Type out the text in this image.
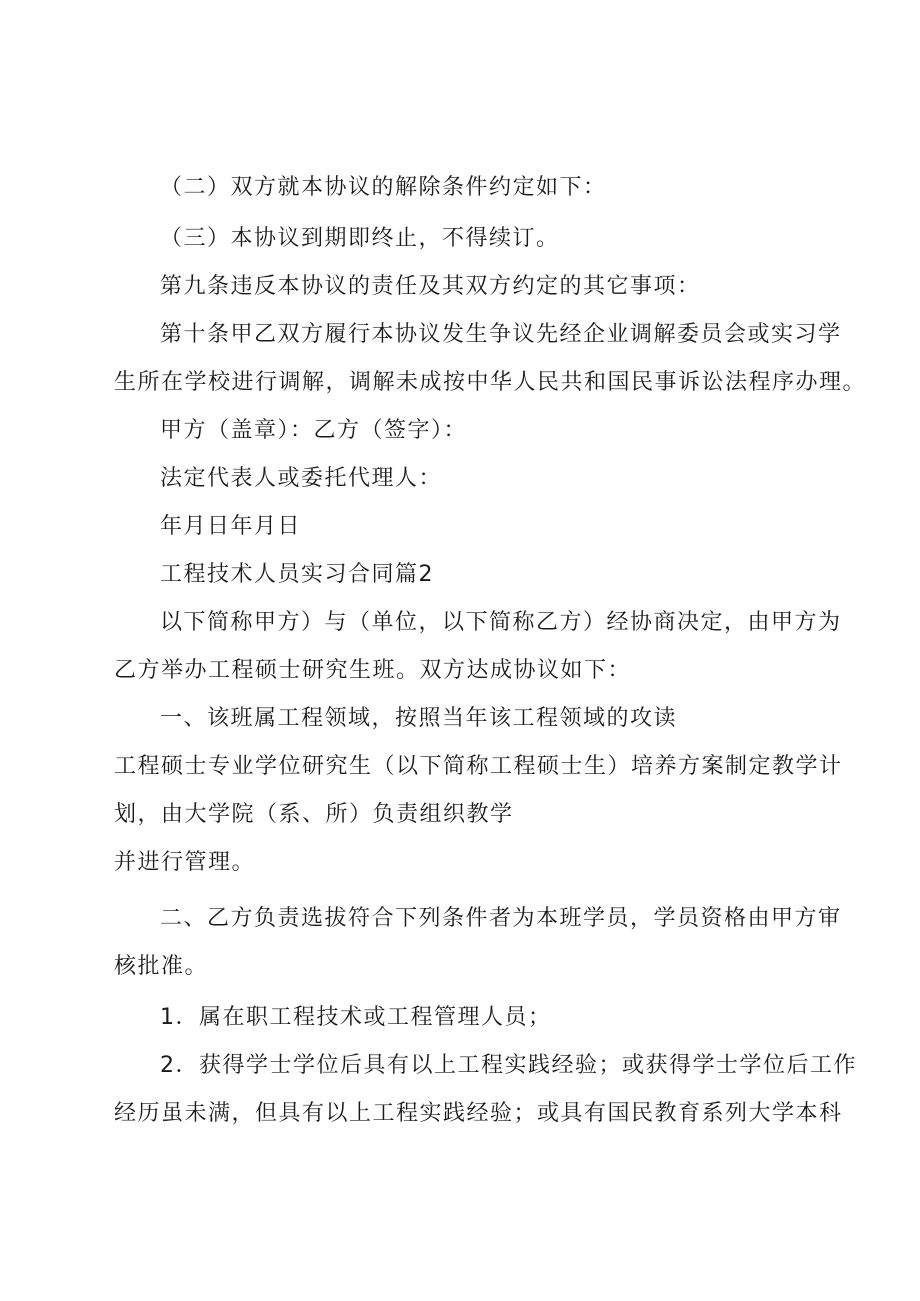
（二）双方就本协议的解除条件约定如下：
（三）本协议到期即终止，不得续订。
第九条违反本协议的责任及其双方约定的其它事项：
第十条甲乙双方履行本协议发生争议先经企业调解委员会或实习学
生所在学校进行调解，调解未成按中华人民共和国民事诉讼法程序办理。
甲方（盖章）：乙方（签字）：
法定代表人或委托代理人：
年月日年月日
工程技术人员实习合同篇2
以下简称甲方）与（单位，以下简称乙方）经协商决定，由甲方为
乙方举办工程硕士研究生班。双方达成协议如下：
一、该班属工程领域，按照当年该工程领域的攻读
工程硕士专业学位研究生（以下简称工程硕士生）培养方案制定教学计
划，由大学院（系、所）负责组织教学
并进行管理。
二、乙方负责选拔符合下列条件者为本班学员，学员资格由甲方审
核批准。
1．属在职工程技术或工程管理人员；
2．获得学士学位后具有以上工程实践经验；或获得学士学位后工作
经历虽未满，但具有以上工程实践经验；或具有国民教育系列大学本科
